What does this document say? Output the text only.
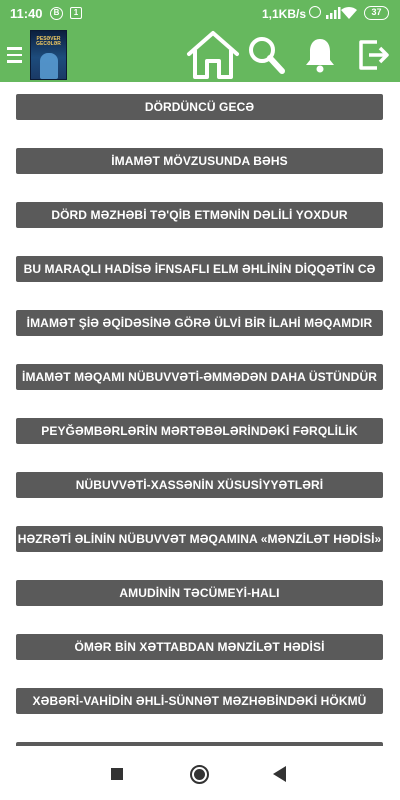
11:40	B	1	1,1KB/s	37
PESƏVER GECƏLƏR
DÖRDÜNCÜ GECƏ
İMAMƏT MÖVZUSUNDA BƏHS
DÖRD MƏZHƏBİ TƏ'QİB ETMƏNİN DƏLİLİ YOXDUR
BU MARAQLI HADİSƏ İFNSAFLI ELM ƏHLİNİN DİQQƏTİN CƏ
İMAMƏT ŞİƏ ƏQİDƏSİNƏ GÖRƏ ÜLVİ BİR İLAHİ MƏQAMDIR
İMAMƏT MƏQAMI NÜBUVVƏTİ-ƏMMƏDƏN DAHA ÜSTÜNDÜR
PEYĞƏMBƏRLƏRİN MƏRTƏBƏLƏRİNDƏKİ FƏRQLİLİK
NÜBUVVƏTİ-XASSƏNİN XÜSUSİYYƏTLƏRİ
HƏZRƏTİ ƏLİNİN NÜBUVVƏT MƏQAMINA «MƏNZİLƏT HƏDİSİ»
AMUDİNİN TƏCÜMEYİ-HALI
ÖMƏR BİN XƏTTABDAN MƏNZİLƏT HƏDİSİ
XƏBƏRİ-VAHİDİN ƏHLİ-SÜNNƏT MƏZHƏBİNDƏKİ HÖKMÜ
